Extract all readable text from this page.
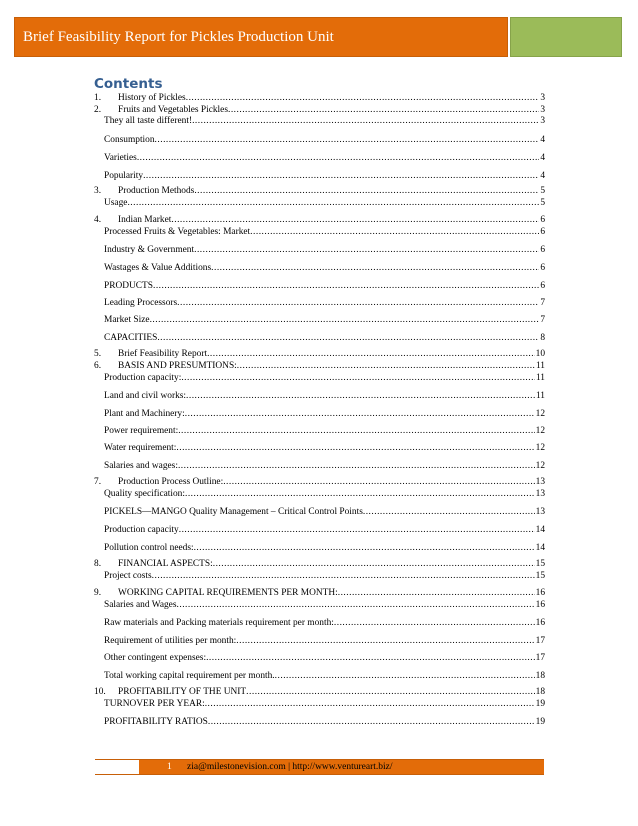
Brief Feasibility Report for Pickles Production Unit
Contents
1.	History of Pickles .....	3
2.	Fruits and Vegetables Pickles .....	3
They all taste different! .....	3
Consumption .....	4
Varieties .....	4
Popularity .....	4
3.	Production Methods .....	5
Usage .....	5
4.	Indian Market .....	6
Processed Fruits & Vegetables: Market .....	6
Industry & Government .....	6
Wastages & Value Additions .....	6
PRODUCTS .....	6
Leading Processors .....	7
Market Size .....	7
CAPACITIES .....	8
5.	Brief Feasibility Report .....	10
6.	BASIS AND PRESUMTIONS: .....	11
Production capacity: .....	11
Land and civil works: .....	11
Plant and Machinery: .....	12
Power requirement: .....	12
Water requirement: .....	12
Salaries and wages: .....	12
7.	Production Process Outline: .....	13
Quality specification: .....	13
PICKELS—MANGO Quality Management – Critical Control Points .....	13
Production capacity .....	14
Pollution control needs: .....	14
8.	FINANCIAL ASPECTS: .....	15
Project costs .....	15
9.	WORKING CAPITAL REQUIREMENTS PER MONTH: .....	16
Salaries and Wages .....	16
Raw materials and Packing materials requirement per month: .....	16
Requirement of utilities per month: .....	17
Other contingent expenses: .....	17
Total working capital requirement per month. .....	18
10.	PROFITABILITY OF THE UNIT .....	18
TURNOVER PER YEAR: .....	19
PROFITABILITY RATIOS .....	19
1	zia@milestonevision.com | http://www.ventureart.biz/
